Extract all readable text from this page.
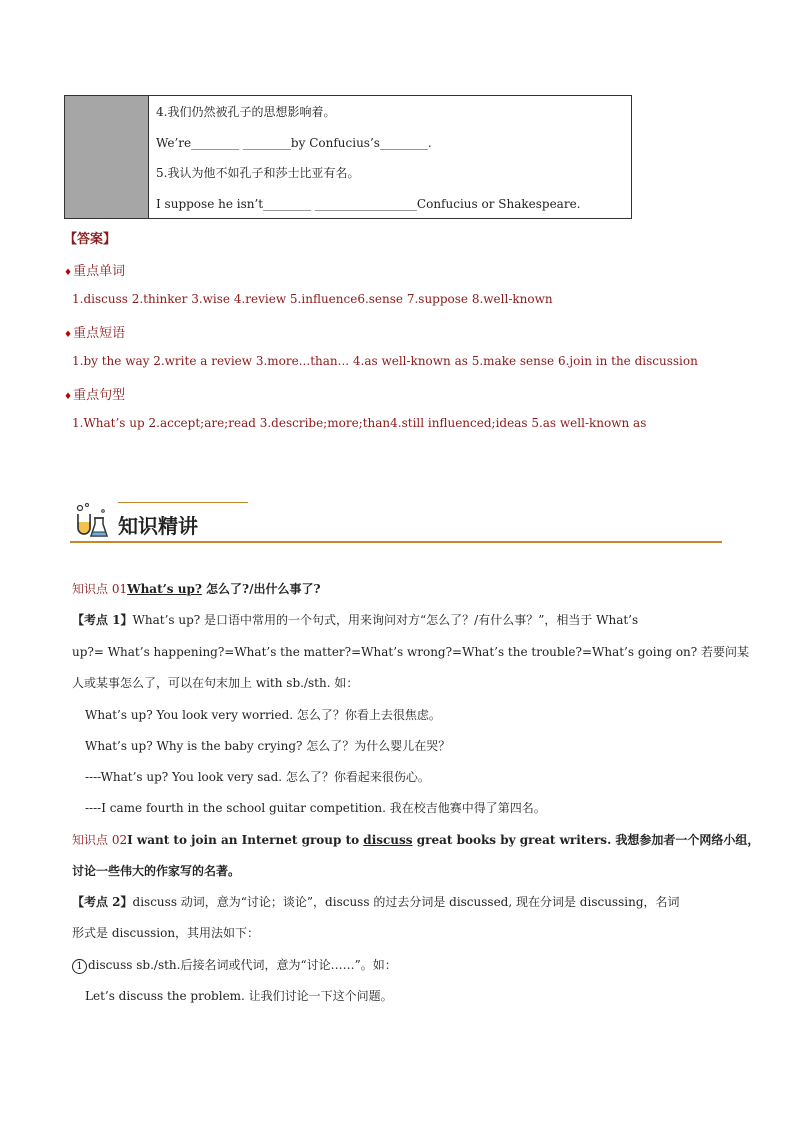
4.我们仍然被孔子的思想影响着。
We’re________ ________by Confucius’s________.
5.我认为他不如孔子和莎士比亚有名。
I suppose he isn’t________ _________________Confucius or Shakespeare.
【答案】
♦重点单词
1.discuss 2.thinker 3.wise 4.review 5.influence6.sense 7.suppose 8.well-known
♦重点短语
1.by the way 2.write a review 3.more...than... 4.as well-known as 5.make sense 6.join in the discussion
♦重点句型
1.What’s up 2.accept;are;read 3.describe;more;than4.still influenced;ideas 5.as well-known as
知识精讲
知识点 01What’s up? 怎么了?/出什么事了?
【考点 1】What’s up? 是口语中常用的一个句式，用来询问对方“怎么了？/有什么事？”，相当于 What’s
up?= What’s happening?=What’s the matter?=What’s wrong?=What’s the trouble?=What’s going on? 若要问某
人或某事怎么了，可以在句末加上 with sb./sth. 如：
What’s up? You look very worried. 怎么了？你看上去很焦虑。
What’s up? Why is the baby crying? 怎么了？为什么婴儿在哭？
----What’s up? You look very sad. 怎么了？你看起来很伤心。
----I came fourth in the school guitar competition. 我在校吉他赛中得了第四名。
知识点 02I want to join an Internet group to discuss great books by great writers. 我想参加者一个网络小组，
讨论一些伟大的作家写的名著。
【考点 2】discuss 动词，意为“讨论；谈论”，discuss 的过去分词是 discussed, 现在分词是 discussing，名词
形式是 discussion，其用法如下：
1 discuss sb./sth.后接名词或代词，意为“讨论……”。如：
Let’s discuss the problem. 让我们讨论一下这个问题。
